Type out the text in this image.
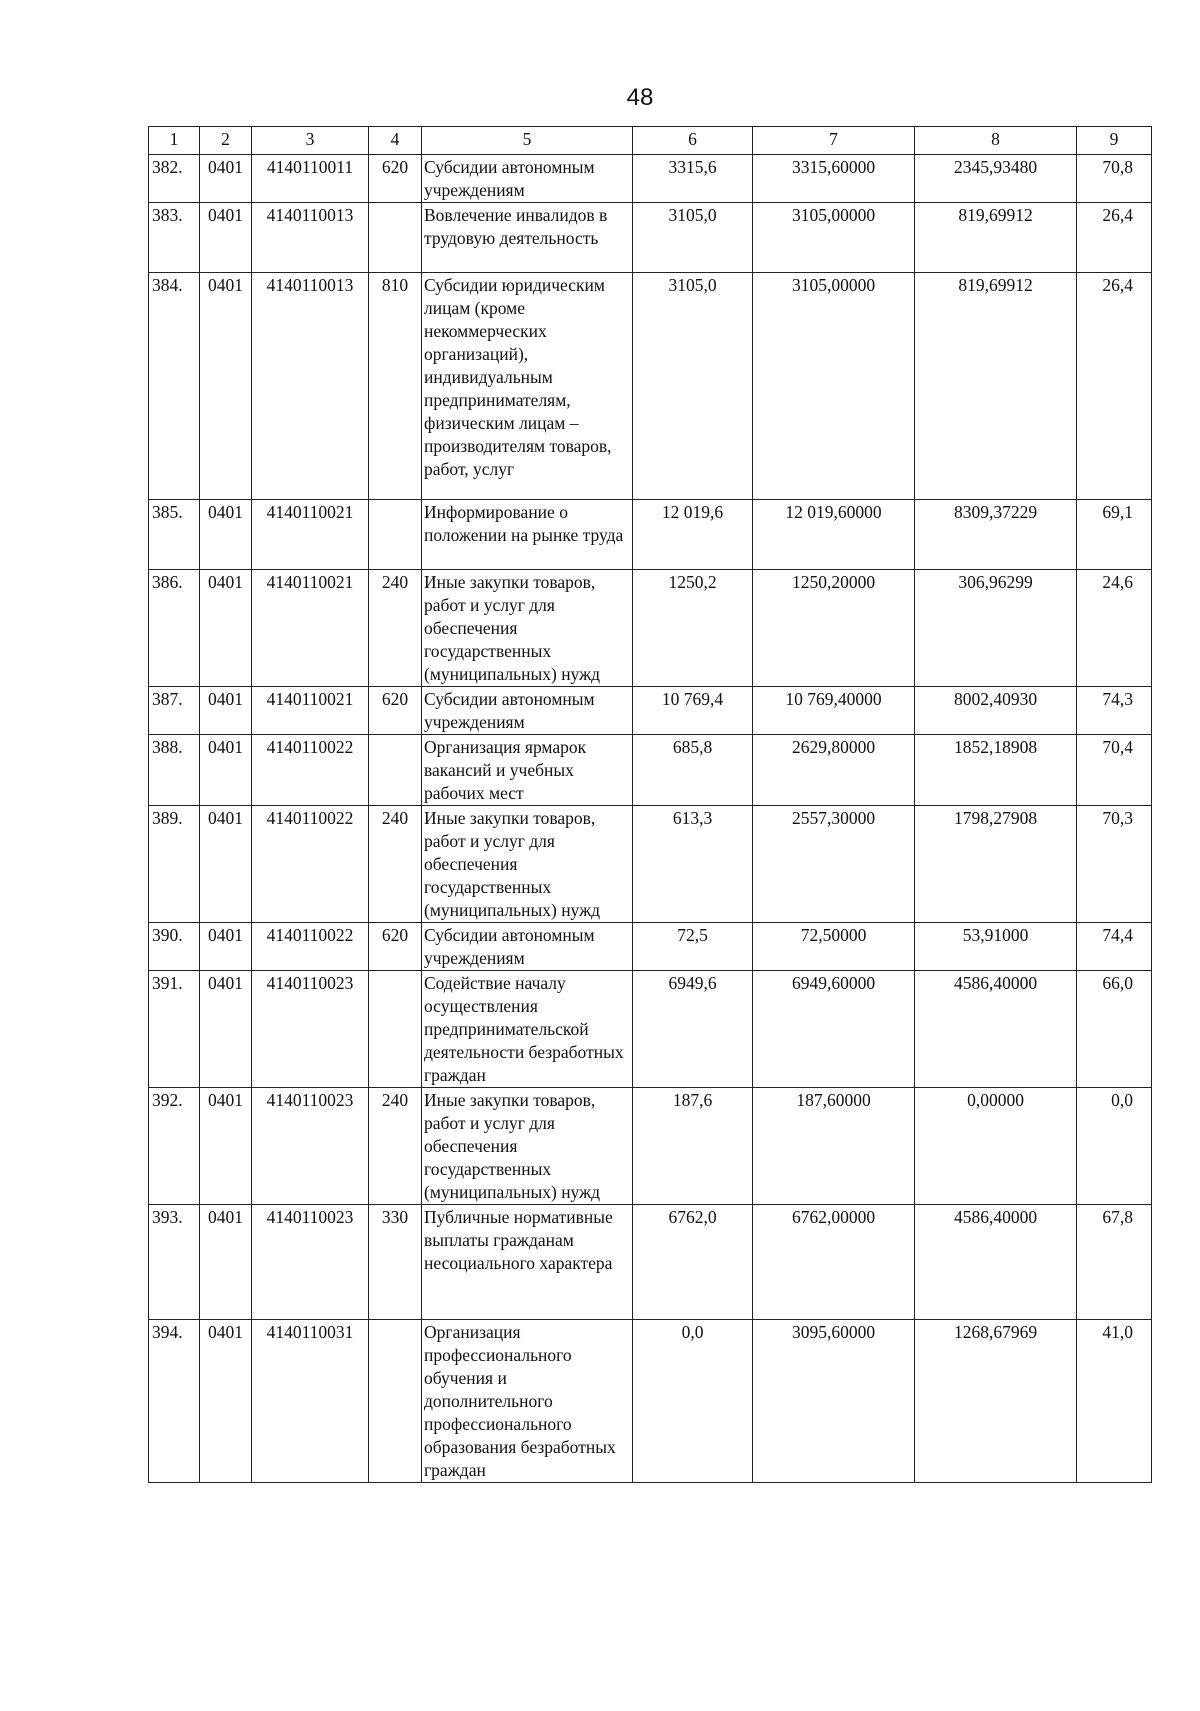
48
1	2	3	4	5	6	7	8	9
382.	0401	4140110011	620	Субсидии автономным учреждениям	3315,6	3315,60000	2345,93480	70,8
383.	0401	4140110013		Вовлечение инвалидов в трудовую деятельность	3105,0	3105,00000	819,69912	26,4
384.	0401	4140110013	810	Субсидии юридическим лицам (кроме некоммерческих организаций), индивидуальным предпринимателям, физическим лицам – производителям товаров, работ, услуг	3105,0	3105,00000	819,69912	26,4
385.	0401	4140110021		Информирование о положении на рынке труда	12 019,6	12 019,60000	8309,37229	69,1
386.	0401	4140110021	240	Иные закупки товаров, работ и услуг для обеспечения государственных (муниципальных) нужд	1250,2	1250,20000	306,96299	24,6
387.	0401	4140110021	620	Субсидии автономным учреждениям	10 769,4	10 769,40000	8002,40930	74,3
388.	0401	4140110022		Организация ярмарок вакансий и учебных рабочих мест	685,8	2629,80000	1852,18908	70,4
389.	0401	4140110022	240	Иные закупки товаров, работ и услуг для обеспечения государственных (муниципальных) нужд	613,3	2557,30000	1798,27908	70,3
390.	0401	4140110022	620	Субсидии автономным учреждениям	72,5	72,50000	53,91000	74,4
391.	0401	4140110023		Содействие началу осуществления предпринимательской деятельности безработных граждан	6949,6	6949,60000	4586,40000	66,0
392.	0401	4140110023	240	Иные закупки товаров, работ и услуг для обеспечения государственных (муниципальных) нужд	187,6	187,60000	0,00000	0,0
393.	0401	4140110023	330	Публичные нормативные выплаты гражданам несоциального характера	6762,0	6762,00000	4586,40000	67,8
394.	0401	4140110031		Организация профессионального обучения и дополнительного профессионального образования безработных граждан	0,0	3095,60000	1268,67969	41,0
